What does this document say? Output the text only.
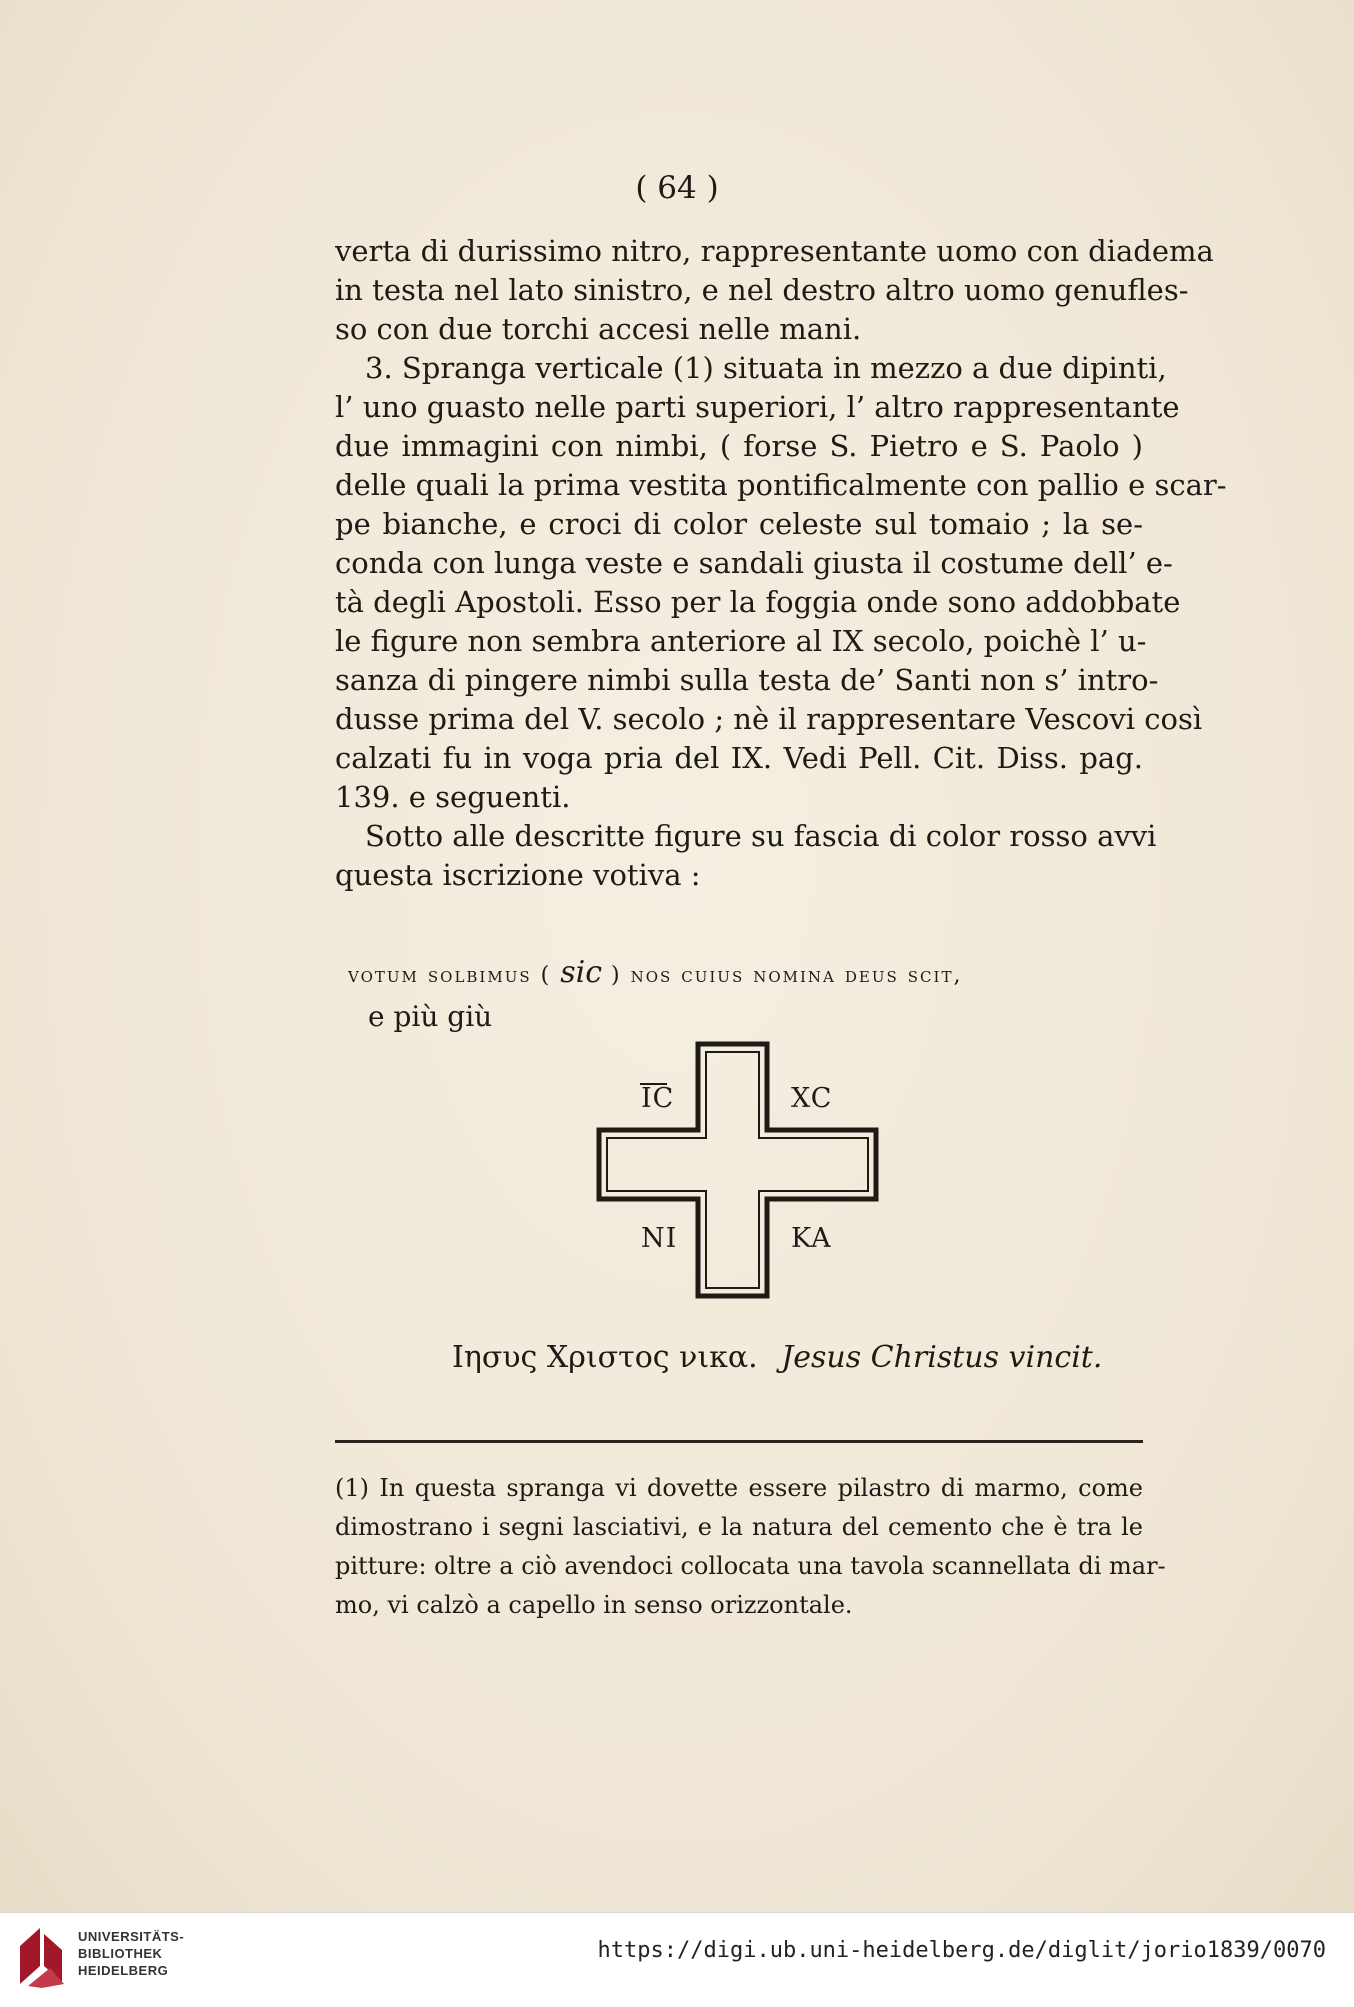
( 64 )
verta di durissimo nitro, rappresentante uomo con diadema
in testa nel lato sinistro, e nel destro altro uomo genufles-
so con due torchi accesi nelle mani.
3. Spranga verticale (1) situata in mezzo a due dipinti,
l’ uno guasto nelle parti superiori, l’ altro rappresentante
due immagini con nimbi, ( forse S. Pietro e S. Paolo )
delle quali la prima vestita pontificalmente con pallio e scar-
pe bianche, e croci di color celeste sul tomaio ; la se-
conda con lunga veste e sandali giusta il costume dell’ e-
tà degli Apostoli. Esso per la foggia onde sono addobbate
le figure non sembra anteriore al IX secolo, poichè l’ u-
sanza di pingere nimbi sulla testa de’ Santi non s’ intro-
dusse prima del V. secolo ; nè il rappresentare Vescovi così
calzati fu in voga pria del IX. Vedi Pell. Cit. Diss. pag.
139. e seguenti.
Sotto alle descritte figure su fascia di color rosso avvi
questa iscrizione votiva :
votum solbimus ( sic ) nos cuius nomina deus scit,
e più giù
IC	XC
NI	KA
Ιησυς Χριστος νικα. Jesus Christus vincit.
(1) In questa spranga vi dovette essere pilastro di marmo, come
dimostrano i segni lasciativi, e la natura del cemento che è tra le
pitture: oltre a ciò avendoci collocata una tavola scannellata di mar-
mo, vi calzò a capello in senso orizzontale.
UNIVERSITÄTS-
BIBLIOTHEK
HEIDELBERG
https://digi.ub.uni-heidelberg.de/diglit/jorio1839/0070
